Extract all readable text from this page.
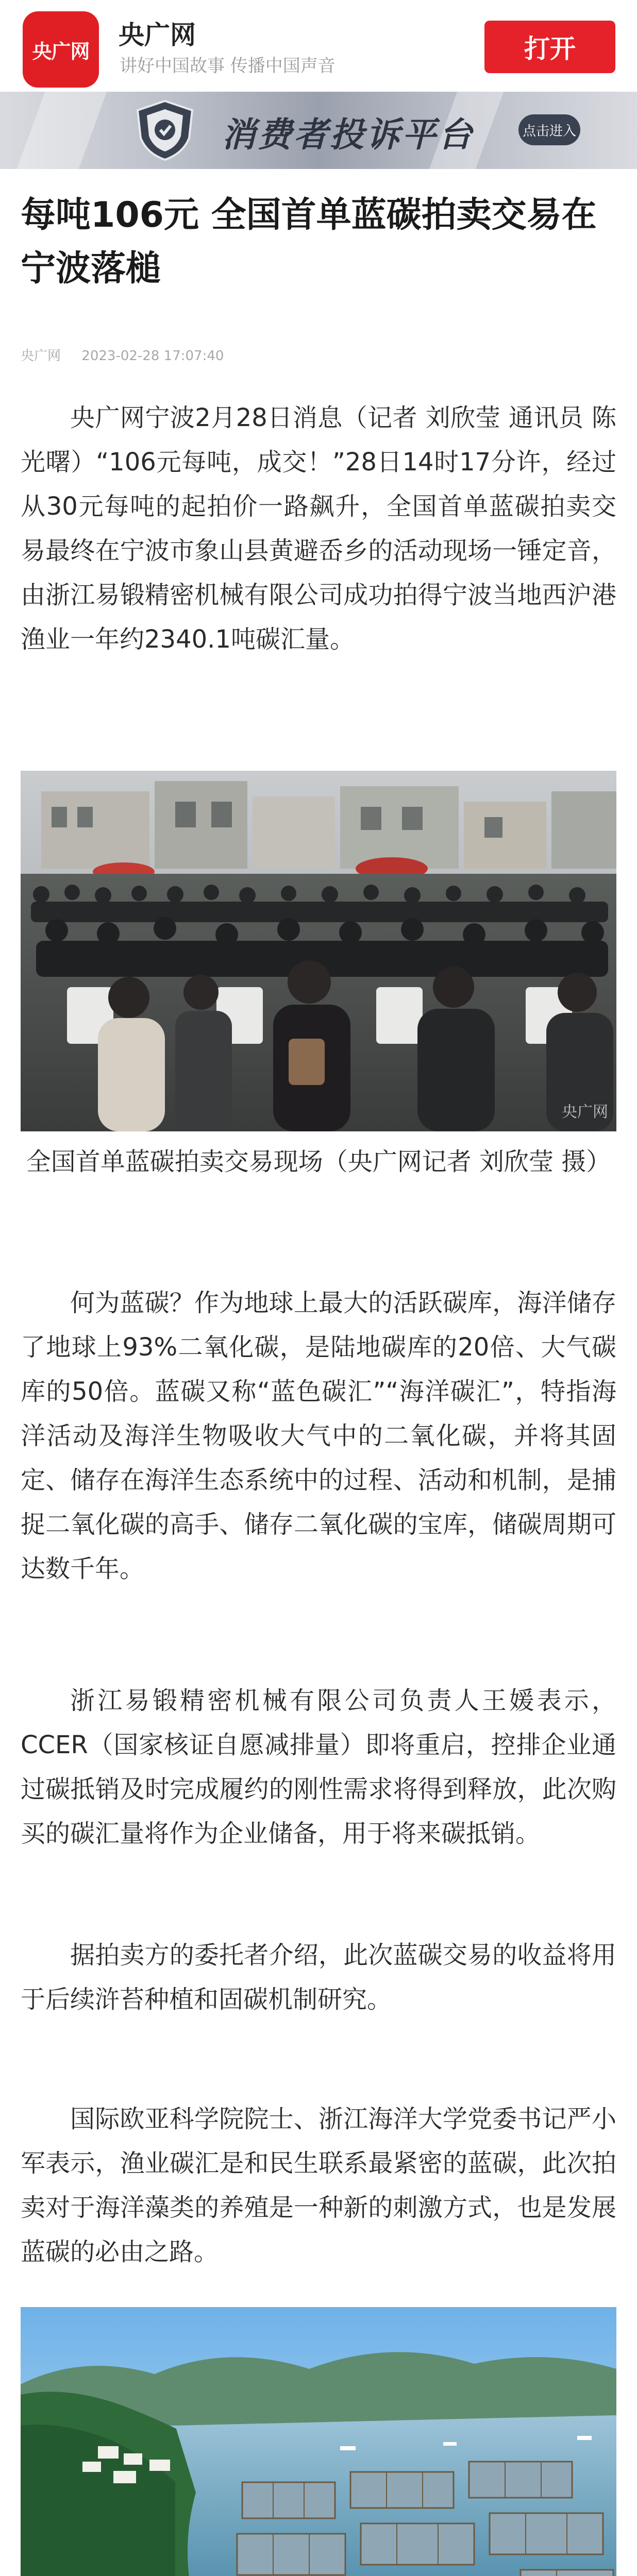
央广网
央广网
讲好中国故事 传播中国声音
打开
消费者投诉平台	点击进入
每吨106元 全国首单蓝碳拍卖交易在宁波落槌
央广网 2023-02-28 17:07:40

央广网宁波2月28日消息（记者 刘欣莹 通讯员 陈光曙）“106元每吨，成交！”28日14时17分许，经过从30元每吨的起拍价一路飙升，全国首单蓝碳拍卖交易最终在宁波市象山县黄避岙乡的活动现场一锤定音，由浙江易锻精密机械有限公司成功拍得宁波当地西沪港渔业一年约2340.1吨碳汇量。

央广网

全国首单蓝碳拍卖交易现场（央广网记者 刘欣莹 摄）

何为蓝碳？作为地球上最大的活跃碳库，海洋储存了地球上93%二氧化碳，是陆地碳库的20倍、大气碳库的50倍。蓝碳又称“蓝色碳汇”“海洋碳汇”，特指海洋活动及海洋生物吸收大气中的二氧化碳，并将其固定、储存在海洋生态系统中的过程、活动和机制，是捕捉二氧化碳的高手、储存二氧化碳的宝库，储碳周期可达数千年。

浙江易锻精密机械有限公司负责人王媛表示，CCER（国家核证自愿减排量）即将重启，控排企业通过碳抵销及时完成履约的刚性需求将得到释放，此次购买的碳汇量将作为企业储备，用于将来碳抵销。

据拍卖方的委托者介绍，此次蓝碳交易的收益将用于后续浒苔种植和固碳机制研究。

国际欧亚科学院院士、浙江海洋大学党委书记严小军表示，渔业碳汇是和民生联系最紧密的蓝碳，此次拍卖对于海洋藻类的养殖是一种新的刺激方式，也是发展蓝碳的必由之路。
